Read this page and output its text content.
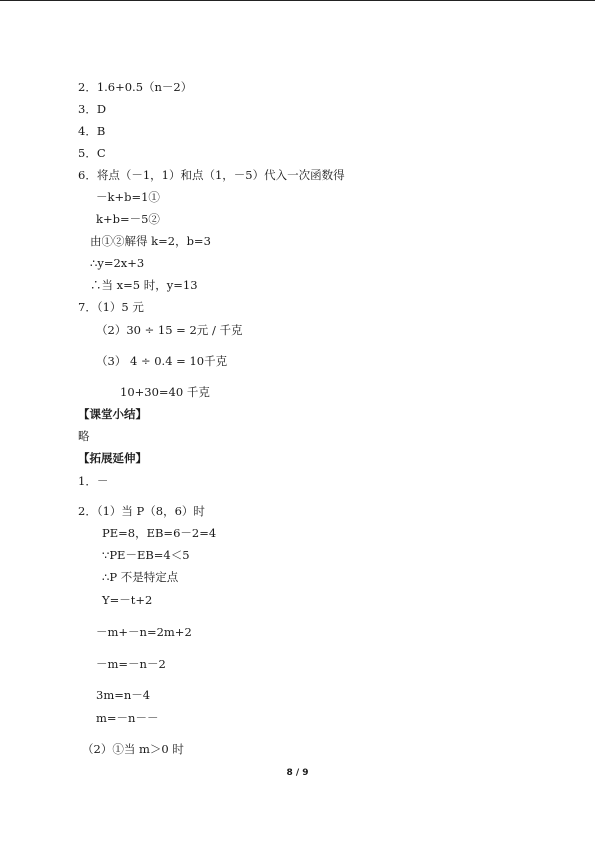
2．1.6+0.5（n－2）
3．D
4．B
5．C
6．将点（－1，1）和点（1，－5）代入一次函数得
－k+b=1①
k+b=－5②
由①②解得 k=2，b=3
∴y=2x+3
∴当 x=5 时，y=13
7．（1）5 元
（2）30 ÷ 15 = 2元 / 千克
（3） 4 ÷ 0.4 = 10千克
10+30=40 千克
【课堂小结】
略
【拓展延伸】
1．－
2．（1）当 P（8，6）时
PE=8，EB=6－2=4
∵PE－EB=4＜5
∴P 不是特定点
Y=－t+2
－m+－n=2m+2
－m=－n－2
3m=n－4
m=－n－－
（2）①当 m＞0 时
8 / 9
